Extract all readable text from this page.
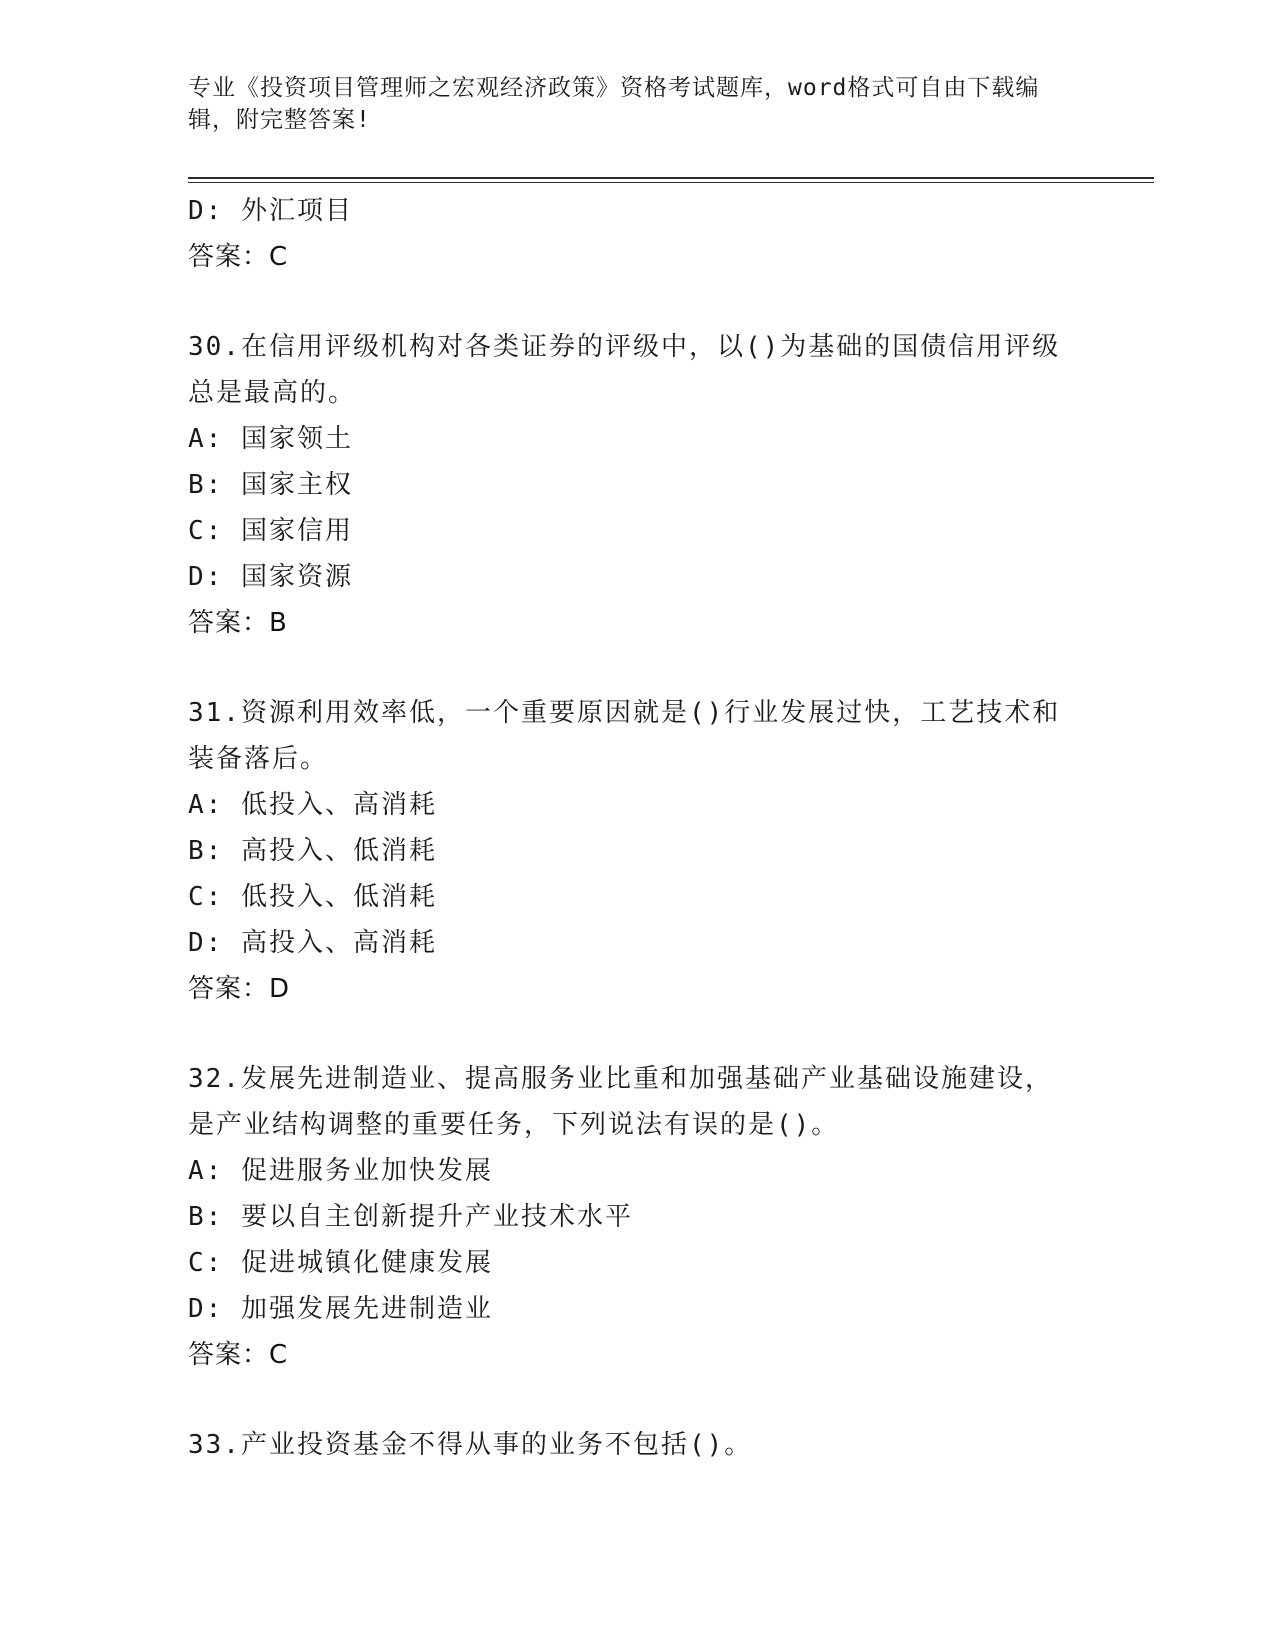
专业《投资项目管理师之宏观经济政策》资格考试题库，word格式可自由下载编
辑，附完整答案!
D: 外汇项目
答案：C
30.在信用评级机构对各类证券的评级中，以()为基础的国债信用评级
总是最高的。
A: 国家领土
B: 国家主权
C: 国家信用
D: 国家资源
答案：B
31.资源利用效率低，一个重要原因就是()行业发展过快，工艺技术和
装备落后。
A: 低投入、高消耗
B: 高投入、低消耗
C: 低投入、低消耗
D: 高投入、高消耗
答案：D
32.发展先进制造业、提高服务业比重和加强基础产业基础设施建设，
是产业结构调整的重要任务，下列说法有误的是()。
A: 促进服务业加快发展
B: 要以自主创新提升产业技术水平
C: 促进城镇化健康发展
D: 加强发展先进制造业
答案：C
33.产业投资基金不得从事的业务不包括()。
